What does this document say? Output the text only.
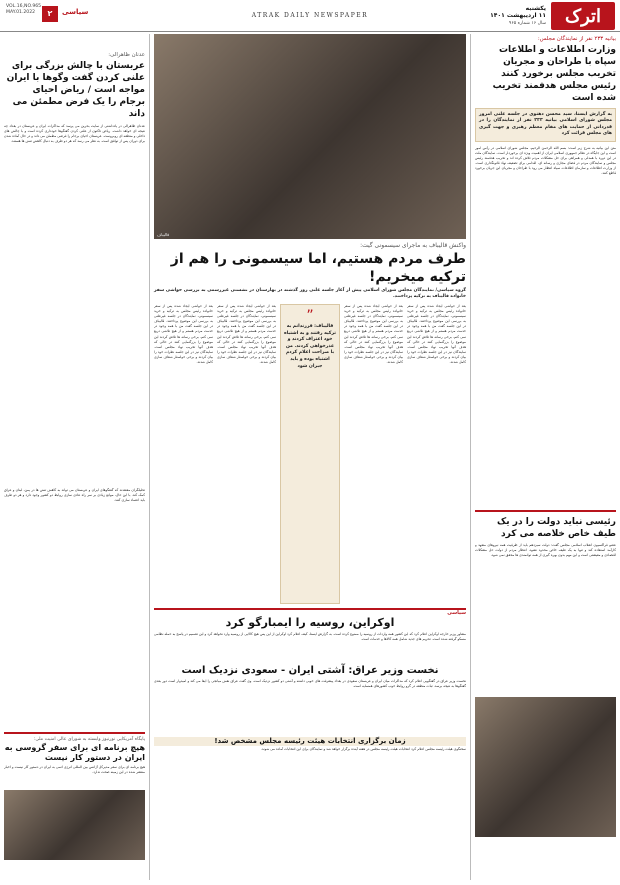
اترک
یکشنبه
۱۱ اردیبهشت ۱۴۰۱
سال ۱۶ شماره ۹۶۵
ATRAK DAILY NEWSPAPER
VOL.16,NO.965
MAY.01.2022	۲	سیاسی
بیانیه ۲۳۳ نفر از نمایندگان مجلس:
وزارت اطلاعات و اطلاعات سپاه با طراحان و مجریان تخریب مجلس برخورد کنند رئیس مجلس هدفمند تخریب شده است
به گزارش ایسنا، سید محسن دهنوی در جلسه علنی امروز مجلس شورای اسلامی بیانیه ۲۳۳ نفر از نمایندگان را در قدردانی از حمایت های مقام معظم رهبری و جهت گیری های مجلس قرائت کرد
متن این بیانیه به شرح زیر است: بسم الله الرحمن الرحیم. مجلس شورای اسلامی در رأس امور است و این جایگاه در نظام جمهوری اسلامی ایران از اهمیت ویژه ای برخوردار است. نمایندگان ملت در این دوره با همدلی و همراهی برای حل مشکلات مردم تلاش کرده اند و تخریب هدفمند رئیس مجلس و نمایندگان مردم در فضای مجازی و رسانه ای، اقدامی برای تضعیف نهاد قانونگذاری است. از وزارت اطلاعات و سازمان اطلاعات سپاه انتظار می رود با طراحان و مجریان این جریان برخورد قاطع کنند.
رئیسی نباید دولت را در یک طیف خاص خلاصه می کرد
عضو فراکسیون انقلاب اسلامی مجلس گفت: دولت سیزدهم باید از ظرفیت همه نیروهای متعهد و کارآمد استفاده کند و تنها به یک طیف خاص محدود نشود. انتظار مردم از دولت حل مشکلات اقتصادی و معیشتی است و این مهم بدون بهره گیری از همه توانمندی ها محقق نمی شود.
قالیباف
واکنش قالیباف به ماجرای سیسمونی گیت:
طرف مردم هستیم، اما سیسمونی را هم از ترکیه میخریم!
گروه سیاسی/ نمایندگان مجلس شورای اسلامی پیش از آغاز جلسه علنی روز گذشته در بهارستان در نشستی غیررسمی به بررسی حواشی سفر خانواده قالیباف به ترکیه پرداختند.
بعد از حواشی ایجاد شده پس از سفر خانواده رئیس مجلس به ترکیه و خرید سیسمونی، نمایندگان در جلسه غیرعلنی به بررسی این موضوع پرداختند. قالیباف در این جلسه گفت من با همه وجود در خدمت مردم هستم و از هیچ تلاشی دریغ نمی کنم. برخی رسانه ها تلاش کردند این موضوع را بزرگنمایی کنند در حالی که هدف آنها تخریب نهاد مجلس است. نمایندگان نیز در این جلسه نظرات خود را بیان کردند و برخی خواستار شفاف سازی کامل شدند.
بعد از حواشی ایجاد شده پس از سفر خانواده رئیس مجلس به ترکیه و خرید سیسمونی، نمایندگان در جلسه غیرعلنی به بررسی این موضوع پرداختند. قالیباف در این جلسه گفت من با همه وجود در خدمت مردم هستم و از هیچ تلاشی دریغ نمی کنم. برخی رسانه ها تلاش کردند این موضوع را بزرگنمایی کنند در حالی که هدف آنها تخریب نهاد مجلس است. نمایندگان نیز در این جلسه نظرات خود را بیان کردند و برخی خواستار شفاف سازی کامل شدند.
”
قالیباف: فرزندانم به ترکیه رفتند و به اشتباه خود اعتراف کردند و عذرخواهی کردند. من با صراحت اعلام کردم اشتباه بوده و باید جبران شود
بعد از حواشی ایجاد شده پس از سفر خانواده رئیس مجلس به ترکیه و خرید سیسمونی، نمایندگان در جلسه غیرعلنی به بررسی این موضوع پرداختند. قالیباف در این جلسه گفت من با همه وجود در خدمت مردم هستم و از هیچ تلاشی دریغ نمی کنم. برخی رسانه ها تلاش کردند این موضوع را بزرگنمایی کنند در حالی که هدف آنها تخریب نهاد مجلس است. نمایندگان نیز در این جلسه نظرات خود را بیان کردند و برخی خواستار شفاف سازی کامل شدند.
بعد از حواشی ایجاد شده پس از سفر خانواده رئیس مجلس به ترکیه و خرید سیسمونی، نمایندگان در جلسه غیرعلنی به بررسی این موضوع پرداختند. قالیباف در این جلسه گفت من با همه وجود در خدمت مردم هستم و از هیچ تلاشی دریغ نمی کنم. برخی رسانه ها تلاش کردند این موضوع را بزرگنمایی کنند در حالی که هدف آنها تخریب نهاد مجلس است. نمایندگان نیز در این جلسه نظرات خود را بیان کردند و برخی خواستار شفاف سازی کامل شدند.
سیاسی
اوکراین، روسیه را ایمبارگو کرد
مشاور وزیر خارجه اوکراین اعلام کرد که این کشور همه واردات از روسیه را ممنوع کرده است. به گزارش ایسنا، کیف اعلام کرد اوکراین از این پس هیچ کالایی از روسیه وارد نخواهد کرد و این تصمیم در پاسخ به حمله نظامی مسکو گرفته شده است. تحریم های جدید شامل همه کالاها و خدمات است.
نخست وزیر عراق: آشتی ایران - سعودی نزدیک است
نخست وزیر عراق در گفتگویی اعلام کرد که مذاکرات میان ایران و عربستان سعودی در بغداد پیشرفت های خوبی داشته و آشتی دو کشور نزدیک است. وی گفت عراق نقش میانجی را ایفا می کند و امیدوار است دور بعدی گفتگوها به نتیجه برسد. ثبات منطقه در گرو روابط خوب کشورهای همسایه است.
زمان برگزاری انتخابات هیئت رئیسه مجلس مشخص شد!
سخنگوی هیئت رئیسه مجلس اعلام کرد انتخابات هیئت رئیسه مجلس در هفته آینده برگزار خواهد شد و نمایندگان برای این انتخابات آماده می شوند.
عدنان ظاهرالی:
عربستان با چالش بزرگی برای علنی کردن گفت وگوها با ایران مواجه است / ریاض احیای برجام را یک فرض مطمئن می داند
عدنان ظاهرالی در یادداشتی از سایت بحرین می پرسد که مذاکرات ایران و عربستان در بغداد چه نتیجه ای خواهد داشت. ریاض تاکنون از علنی کردن گفتگوها خودداری کرده است و با چالش های داخلی و منطقه ای روبروست. عربستان احیای برجام را فرضی مطمئن می داند و در حال آماده شدن برای دوران پس از توافق است. به نظر می رسد که هر دو طرف به دنبال کاهش تنش ها هستند.
تحلیلگران معتقدند که گفتگوهای ایران و عربستان می تواند به کاهش تنش ها در یمن، لبنان و عراق کمک کند. با این حال، موانع زیادی بر سر راه عادی سازی روابط دو کشور وجود دارد و هر دو طرف باید اعتماد سازی کنند.
پایگاه آمریکایی نورنیوز وابسته به شورای عالی امنیت ملی:
هیچ برنامه ای برای سفر گروسی به ایران در دستور کار نیست
هیچ برنامه ای برای سفر مدیرکل آژانس بین المللی انرژی اتمی به ایران در دستور کار نیست و اخبار منتشر شده در این زمینه صحت ندارد.
